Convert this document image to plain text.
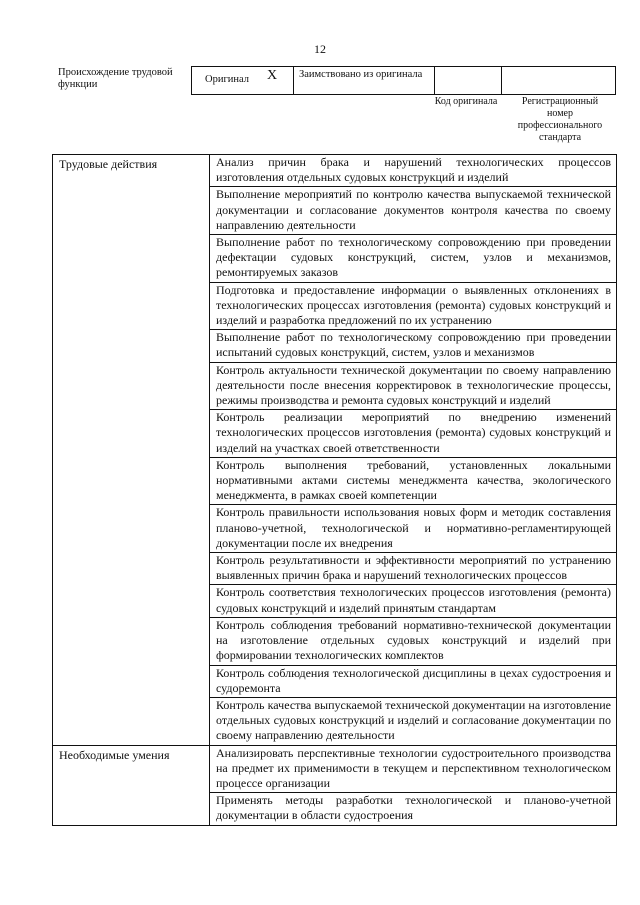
12
Происхождение трудовой функции	Оригинал X Заимствовано из оригинала
Код оригинала	Регистрационный номер профессионального стандарта
Трудовые действия	Анализ причин брака и нарушений технологических процессов изготовления отдельных судовых конструкций и изделий
	Выполнение мероприятий по контролю качества выпускаемой технической документации и согласование документов контроля качества по своему направлению деятельности
	Выполнение работ по технологическому сопровождению при проведении дефектации судовых конструкций, систем, узлов и механизмов, ремонтируемых заказов
	Подготовка и предоставление информации о выявленных отклонениях в технологических процессах изготовления (ремонта) судовых конструкций и изделий и разработка предложений по их устранению
	Выполнение работ по технологическому сопровождению при проведении испытаний судовых конструкций, систем, узлов и механизмов
	Контроль актуальности технической документации по своему направлению деятельности после внесения корректировок в технологические процессы, режимы производства и ремонта судовых конструкций и изделий
	Контроль реализации мероприятий по внедрению изменений технологических процессов изготовления (ремонта) судовых конструкций и изделий на участках своей ответственности
	Контроль выполнения требований, установленных локальными нормативными актами системы менеджмента качества, экологического менеджмента, в рамках своей компетенции
	Контроль правильности использования новых форм и методик составления планово-учетной, технологической и нормативно-регламентирующей документации после их внедрения
	Контроль результативности и эффективности мероприятий по устранению выявленных причин брака и нарушений технологических процессов
	Контроль соответствия технологических процессов изготовления (ремонта) судовых конструкций и изделий принятым стандартам
	Контроль соблюдения требований нормативно-технической документации на изготовление отдельных судовых конструкций и изделий при формировании технологических комплектов
	Контроль соблюдения технологической дисциплины в цехах судостроения и судоремонта
	Контроль качества выпускаемой технической документации на изготовление отдельных судовых конструкций и изделий и согласование документации по своему направлению деятельности
Необходимые умения	Анализировать перспективные технологии судостроительного производства на предмет их применимости в текущем и перспективном технологическом процессе организации
	Применять методы разработки технологической и планово-учетной документации в области судостроения
